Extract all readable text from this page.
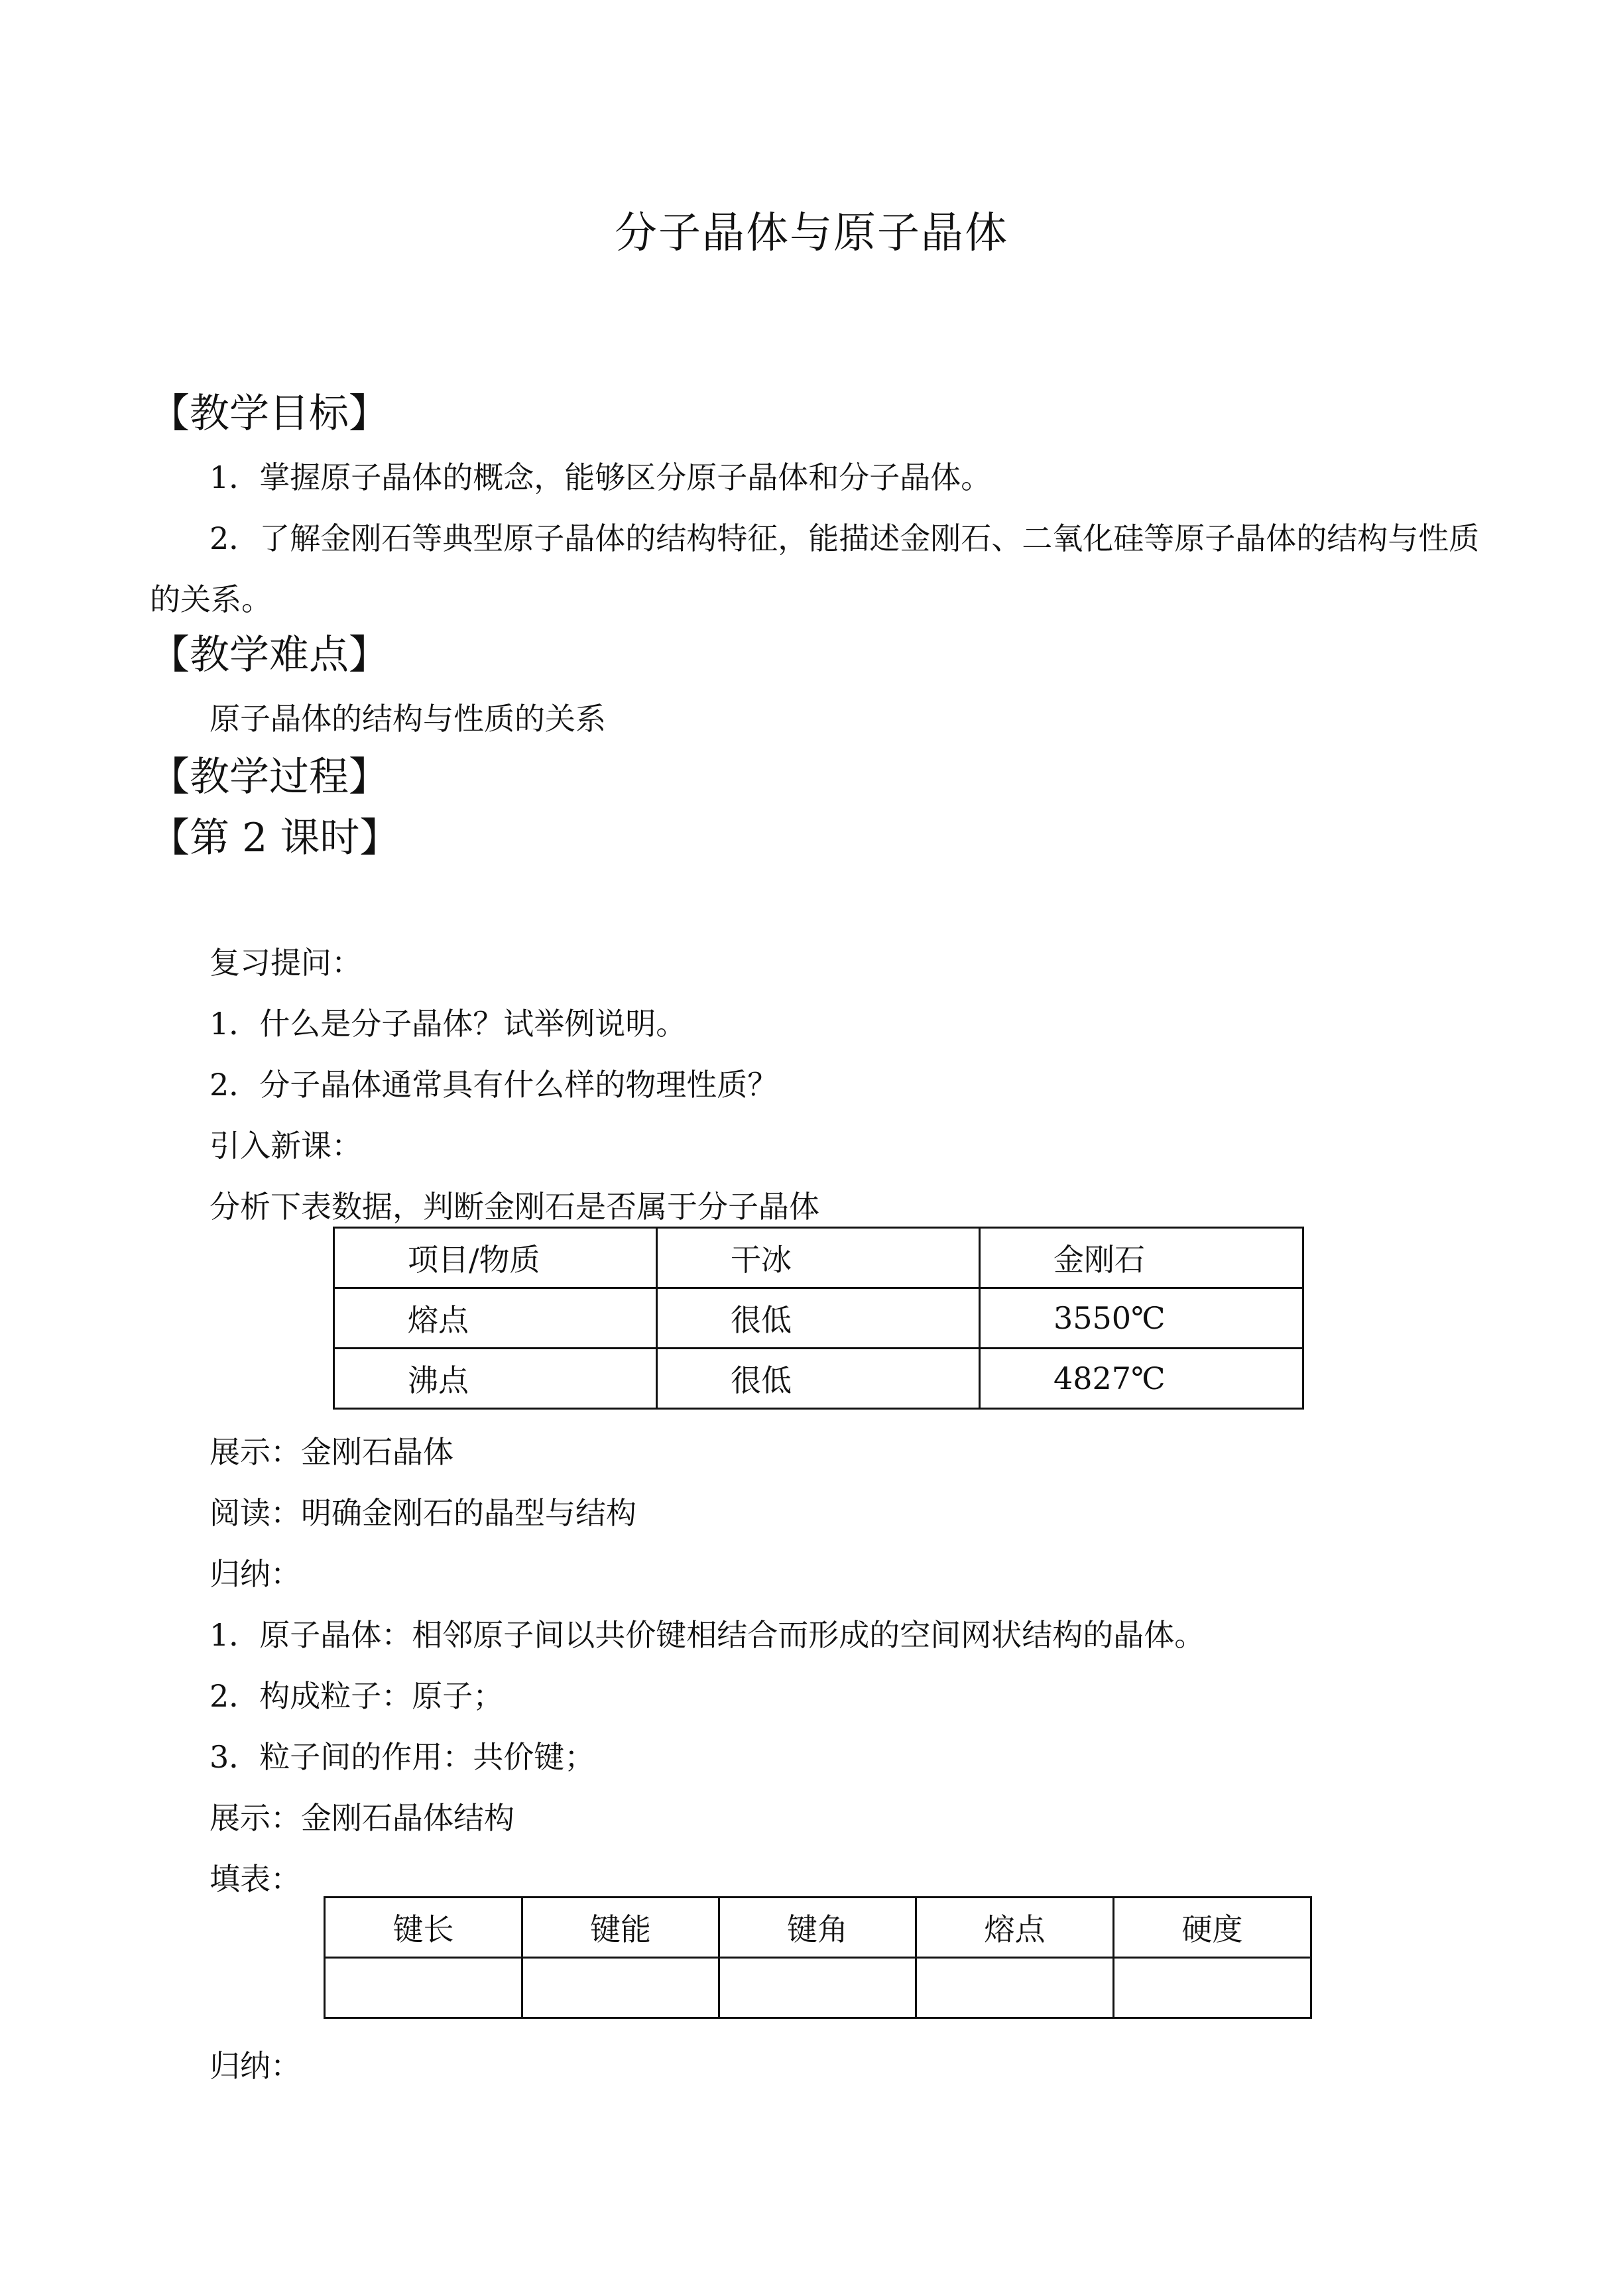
分子晶体与原子晶体
【教学目标】
1．掌握原子晶体的概念，能够区分原子晶体和分子晶体。
2．了解金刚石等典型原子晶体的结构特征，能描述金刚石、二氧化硅等原子晶体的结构与性质的关系。
【教学难点】
原子晶体的结构与性质的关系
【教学过程】
【第 2 课时】
复习提问：
1．什么是分子晶体？试举例说明。
2．分子晶体通常具有什么样的物理性质？
引入新课：
分析下表数据，判断金刚石是否属于分子晶体
项目/物质	干冰	金刚石
熔点	很低	3550℃
沸点	很低	4827℃
展示：金刚石晶体
阅读：明确金刚石的晶型与结构
归纳：
1．原子晶体：相邻原子间以共价键相结合而形成的空间网状结构的晶体。
2．构成粒子：原子；
3．粒子间的作用：共价键；
展示：金刚石晶体结构
填表：
键长	键能	键角	熔点	硬度

归纳：
